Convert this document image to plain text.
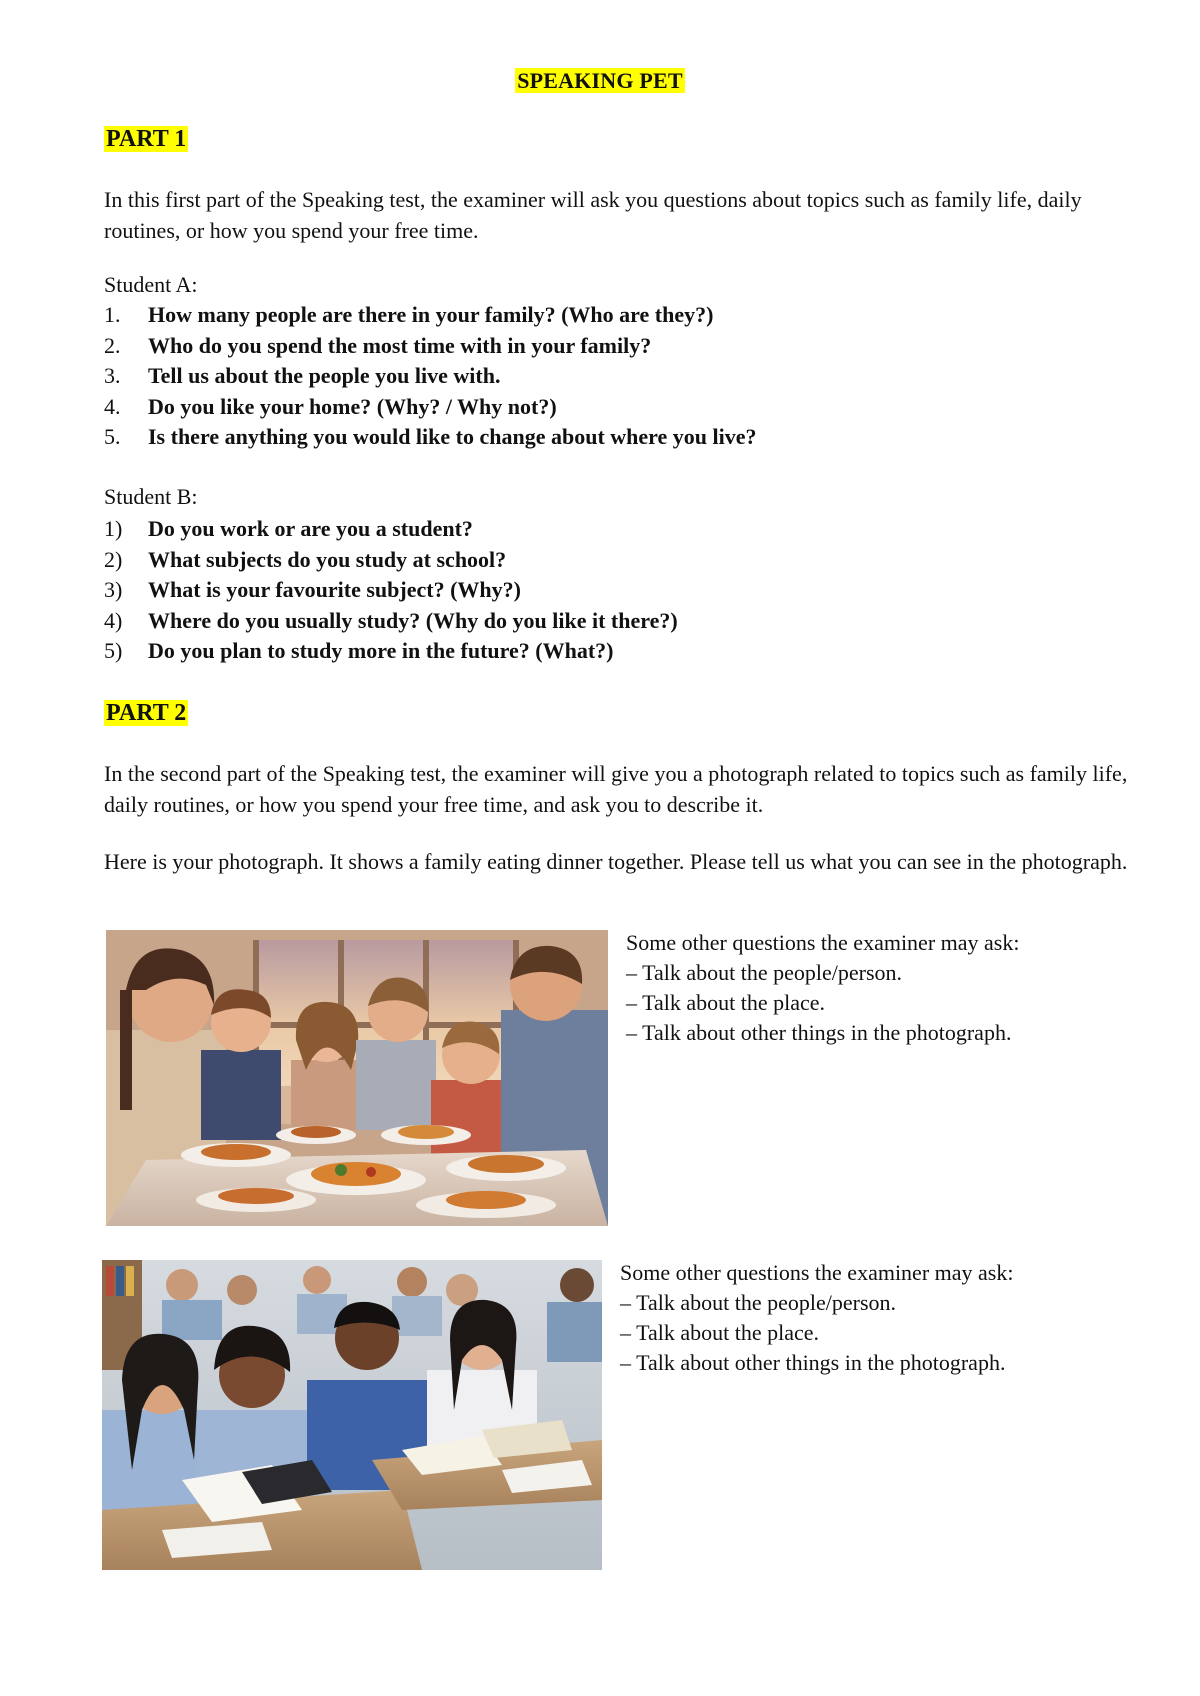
SPEAKING PET
PART 1

In this first part of the Speaking test, the examiner will ask you questions about topics such as family life, daily routines, or how you spend your free time.

Student A:
1. How many people are there in your family? (Who are they?)
2. Who do you spend the most time with in your family?
3. Tell us about the people you live with.
4. Do you like your home? (Why? / Why not?)
5. Is there anything you would like to change about where you live?
Student B:
1) Do you work or are you a student?
2) What subjects do you study at school?
3) What is your favourite subject? (Why?)
4) Where do you usually study? (Why do you like it there?)
5) Do you plan to study more in the future? (What?)
PART 2

In the second part of the Speaking test, the examiner will give you a photograph related to topics such as family life, daily routines, or how you spend your free time, and ask you to describe it.

Here is your photograph. It shows a family eating dinner together. Please tell us what you can see in the photograph.

Some other questions the examiner may ask:
– Talk about the people/person.
– Talk about the place.
– Talk about other things in the photograph.
Some other questions the examiner may ask:
– Talk about the people/person.
– Talk about the place.
– Talk about other things in the photograph.
